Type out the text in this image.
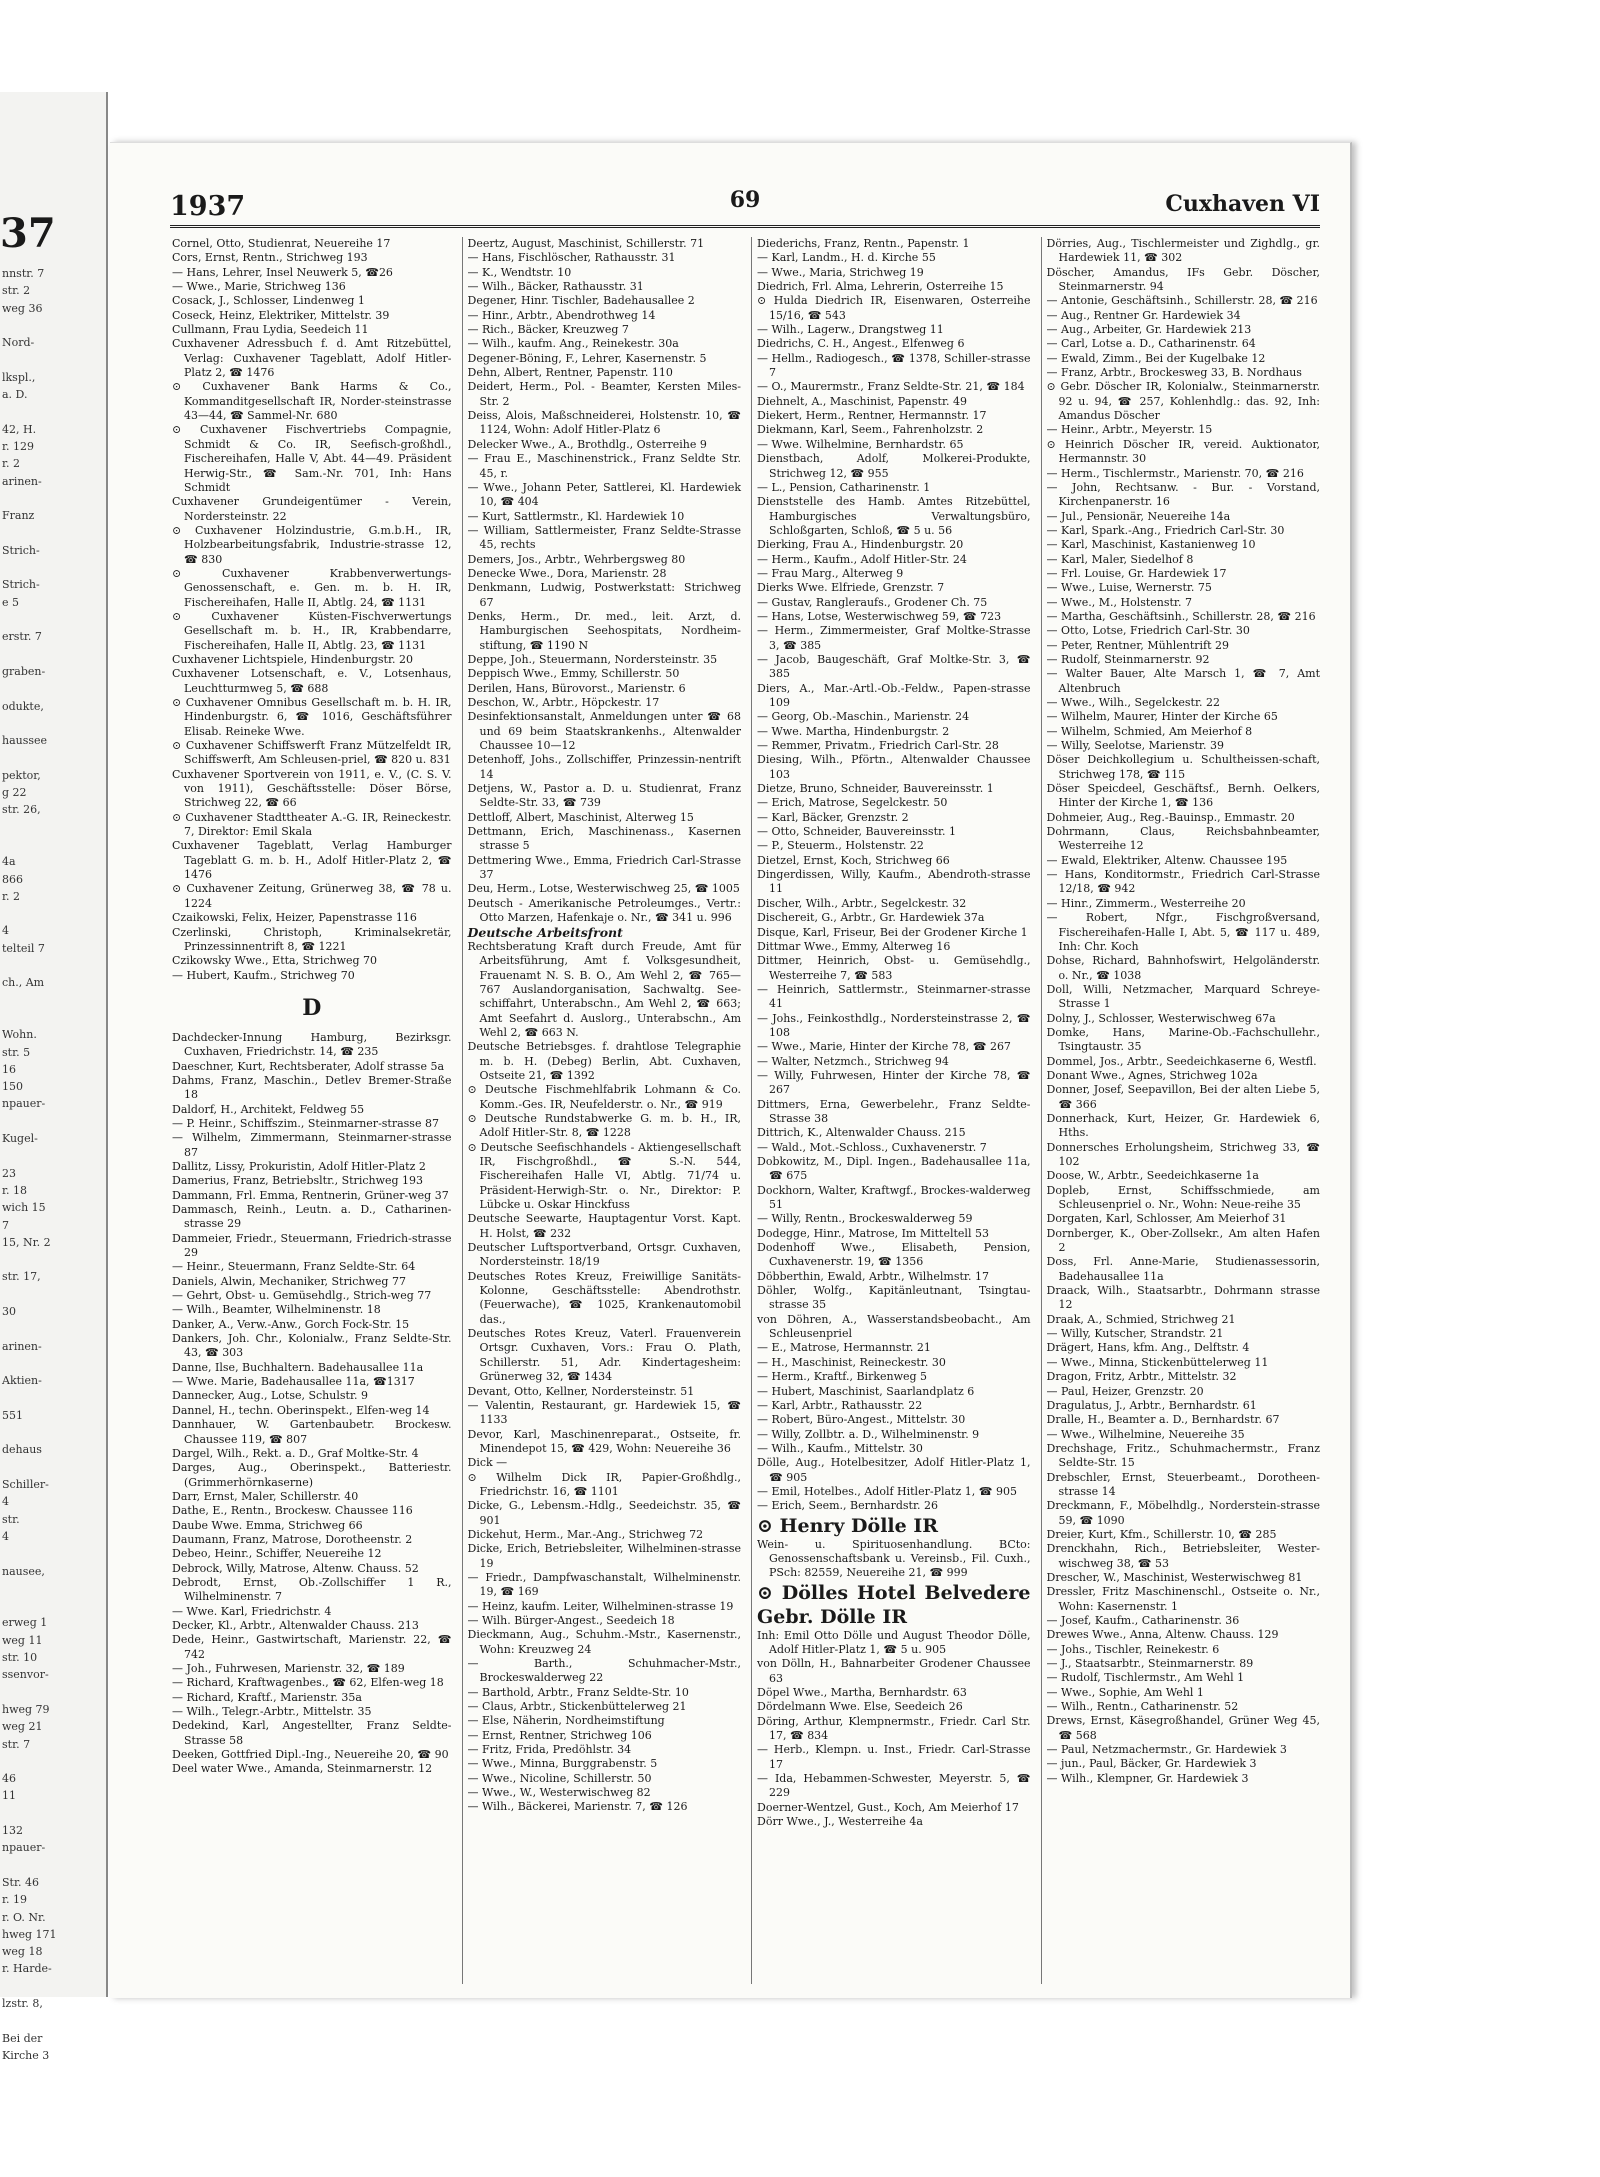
37
nnstr. 7
str. 2
weg 36
Nord-
lkspl.,
a. D.
42, H.
r. 129
r. 2
arinen-
Franz
Strich-
Strich-
e 5
erstr. 7
graben-
odukte,
haussee
pektor,
g 22
str. 26,
4a
866
r. 2
4
telteil 7
ch., Am
Wohn.
str. 5
16
150
npauer-
Kugel-
23
r. 18
wich 15
7
15, Nr. 2
str. 17,
30
arinen-
Aktien-
551
dehaus
Schiller-
4
str.
4
nausee,
erweg 1
weg 11
str. 10
ssenvor-
hweg 79
weg 21
str. 7
46
11
132
npauer-
Str. 46
r. 19
r. O. Nr.
hweg 171
weg 18
r. Harde-
lzstr. 8,
Bei der
Kirche 3
1937	69	Cuxhaven VI
Cornel, Otto, Studienrat, Neuereihe 17
Cors, Ernst, Rentn., Strichweg 193
— Hans, Lehrer, Insel Neuwerk 5, ☎26
— Wwe., Marie, Strichweg 136
Cosack, J., Schlosser, Lindenweg 1
Coseck, Heinz, Elektriker, Mittelstr. 39
Cullmann, Frau Lydia, Seedeich 11
Cuxhavener Adressbuch f. d. Amt Ritzebüttel, Verlag: Cuxhavener Tageblatt, Adolf Hitler-Platz 2, ☎ 1476
⊙ Cuxhavener Bank Harms & Co., Kommanditgesellschaft IR, Norder-steinstrasse 43—44, ☎ Sammel-Nr. 680
⊙ Cuxhavener Fischvertriebs Compagnie, Schmidt & Co. IR, Seefisch-großhdl., Fischereihafen, Halle V, Abt. 44—49. Präsident Herwig-Str., ☎ Sam.-Nr. 701, Inh: Hans Schmidt
Cuxhavener Grundeigentümer - Verein, Nordersteinstr. 22
⊙ Cuxhavener Holzindustrie, G.m.b.H., IR, Holzbearbeitungsfabrik, Industrie-strasse 12, ☎ 830
⊙ Cuxhavener Krabbenverwertungs-Genossenschaft, e. Gen. m. b. H. IR, Fischereihafen, Halle II, Abtlg. 24, ☎ 1131
⊙ Cuxhavener Küsten-Fischverwertungs Gesellschaft m. b. H., IR, Krabbendarre, Fischereihafen, Halle II, Abtlg. 23, ☎ 1131
Cuxhavener Lichtspiele, Hindenburgstr. 20
Cuxhavener Lotsenschaft, e. V., Lotsenhaus, Leuchtturmweg 5, ☎ 688
⊙ Cuxhavener Omnibus Gesellschaft m. b. H. IR, Hindenburgstr. 6, ☎ 1016, Geschäftsführer Elisab. Reineke Wwe.
⊙ Cuxhavener Schiffswerft Franz Mützelfeldt IR, Schiffswerft, Am Schleusen-priel, ☎ 820 u. 831
Cuxhavener Sportverein von 1911, e. V., (C. S. V. von 1911), Geschäftsstelle: Döser Börse, Strichweg 22, ☎ 66
⊙ Cuxhavener Stadttheater A.-G. IR, Reineckestr. 7, Direktor: Emil Skala
Cuxhavener Tageblatt, Verlag Hamburger Tageblatt G. m. b. H., Adolf Hitler-Platz 2, ☎ 1476
⊙ Cuxhavener Zeitung, Grünerweg 38, ☎ 78 u. 1224
Czaikowski, Felix, Heizer, Papenstrasse 116
Czerlinski, Christoph, Kriminalsekretär, Prinzessinnentrift 8, ☎ 1221
Czikowsky Wwe., Etta, Strichweg 70
— Hubert, Kaufm., Strichweg 70
D
Dachdecker-Innung Hamburg, Bezirksgr. Cuxhaven, Friedrichstr. 14, ☎ 235
Daeschner, Kurt, Rechtsberater, Adolf strasse 5a
Dahms, Franz, Maschin., Detlev Bremer-Straße 18
Daldorf, H., Architekt, Feldweg 55
— P. Heinr., Schiffszim., Steinmarner-strasse 87
— Wilhelm, Zimmermann, Steinmarner-strasse 87
Dallitz, Lissy, Prokuristin, Adolf Hitler-Platz 2
Damerius, Franz, Betriebsltr., Strichweg 193
Dammann, Frl. Emma, Rentnerin, Grüner-weg 37
Dammasch, Reinh., Leutn. a. D., Catharinen-strasse 29
Dammeier, Friedr., Steuermann, Friedrich-strasse 29
— Heinr., Steuermann, Franz Seldte-Str. 64
Daniels, Alwin, Mechaniker, Strichweg 77
— Gehrt, Obst- u. Gemüsehdlg., Strich-weg 77
— Wilh., Beamter, Wilhelminenstr. 18
Danker, A., Verw.-Anw., Gorch Fock-Str. 15
Dankers, Joh. Chr., Kolonialw., Franz Seldte-Str. 43, ☎ 303
Danne, Ilse, Buchhaltern. Badehausallee 11a
— Wwe. Marie, Badehausallee 11a, ☎1317
Dannecker, Aug., Lotse, Schulstr. 9
Dannel, H., techn. Oberinspekt., Elfen-weg 14
Dannhauer, W. Gartenbaubetr. Brockesw. Chaussee 119, ☎ 807
Dargel, Wilh., Rekt. a. D., Graf Moltke-Str. 4
Darges, Aug., Oberinspekt., Batteriestr. (Grimmerhörnkaserne)
Darr, Ernst, Maler, Schillerstr. 40
Dathe, E., Rentn., Brockesw. Chaussee 116
Daube Wwe. Emma, Strichweg 66
Daumann, Franz, Matrose, Dorotheenstr. 2
Debeo, Heinr., Schiffer, Neuereihe 12
Debrock, Willy, Matrose, Altenw. Chauss. 52
Debrodt, Ernst, Ob.-Zollschiffer 1 R., Wilhelminenstr. 7
— Wwe. Karl, Friedrichstr. 4
Decker, Kl., Arbtr., Altenwalder Chauss. 213
Dede, Heinr., Gastwirtschaft, Marienstr. 22, ☎ 742
— Joh., Fuhrwesen, Marienstr. 32, ☎ 189
— Richard, Kraftwagenbes., ☎ 62, Elfen-weg 18
— Richard, Kraftf., Marienstr. 35a
— Wilh., Telegr.-Arbtr., Mittelstr. 35
Dedekind, Karl, Angestellter, Franz Seldte-Strasse 58
Deeken, Gottfried Dipl.-Ing., Neuereihe 20, ☎ 90
Deel water Wwe., Amanda, Steinmarnerstr. 12
Deertz, August, Maschinist, Schillerstr. 71
— Hans, Fischlöscher, Rathausstr. 31
— K., Wendtstr. 10
— Wilh., Bäcker, Rathausstr. 31
Degener, Hinr. Tischler, Badehausallee 2
— Hinr., Arbtr., Abendrothweg 14
— Rich., Bäcker, Kreuzweg 7
— Wilh., kaufm. Ang., Reinekestr. 30a
Degener-Böning, F., Lehrer, Kasernenstr. 5
Dehn, Albert, Rentner, Papenstr. 110
Deidert, Herm., Pol. - Beamter, Kersten Miles-Str. 2
Deiss, Alois, Maßschneiderei, Holstenstr. 10, ☎ 1124, Wohn: Adolf Hitler-Platz 6
Delecker Wwe., A., Brothdlg., Osterreihe 9
— Frau E., Maschinenstrick., Franz Seldte Str. 45, r.
— Wwe., Johann Peter, Sattlerei, Kl. Hardewiek 10, ☎ 404
— Kurt, Sattlermstr., Kl. Hardewiek 10
— William, Sattlermeister, Franz Seldte-Strasse 45, rechts
Demers, Jos., Arbtr., Wehrbergsweg 80
Denecke Wwe., Dora, Marienstr. 28
Denkmann, Ludwig, Postwerkstatt: Strichweg 67
Denks, Herm., Dr. med., leit. Arzt, d. Hamburgischen Seehospitats, Nordheim-stiftung, ☎ 1190 N
Deppe, Joh., Steuermann, Nordersteinstr. 35
Deppisch Wwe., Emmy, Schillerstr. 50
Derilen, Hans, Bürovorst., Marienstr. 6
Deschon, W., Arbtr., Höpckestr. 17
Desinfektionsanstalt, Anmeldungen unter ☎ 68 und 69 beim Staatskrankenhs., Altenwalder Chaussee 10—12
Detenhoff, Johs., Zollschiffer, Prinzessin-nentrift 14
Detjens, W., Pastor a. D. u. Studienrat, Franz Seldte-Str. 33, ☎ 739
Dettloff, Albert, Maschinist, Alterweg 15
Dettmann, Erich, Maschinenass., Kasernen strasse 5
Dettmering Wwe., Emma, Friedrich Carl-Strasse 37
Deu, Herm., Lotse, Westerwischweg 25, ☎ 1005
Deutsch - Amerikanische Petroleumges., Vertr.: Otto Marzen, Hafenkaje o. Nr., ☎ 341 u. 996
Deutsche Arbeitsfront
Rechtsberatung Kraft durch Freude, Amt für Arbeitsführung, Amt f. Volksgesundheit, Frauenamt N. S. B. O., Am Wehl 2, ☎ 765—767 Auslandorganisation, Sachwaltg. See-schiffahrt, Unterabschn., Am Wehl 2, ☎ 663; Amt Seefahrt d. Auslorg., Unterabschn., Am Wehl 2, ☎ 663 N.
Deutsche Betriebsges. f. drahtlose Telegraphie m. b. H. (Debeg) Berlin, Abt. Cuxhaven, Ostseite 21, ☎ 1392
⊙ Deutsche Fischmehlfabrik Lohmann & Co. Komm.-Ges. IR, Neufelderstr. o. Nr., ☎ 919
⊙ Deutsche Rundstabwerke G. m. b. H., IR, Adolf Hitler-Str. 8, ☎ 1228
⊙ Deutsche Seefischhandels - Aktiengesellschaft IR, Fischgroßhdl., ☎ S.-N. 544, Fischereihafen Halle VI, Abtlg. 71/74 u. Präsident-Herwigh-Str. o. Nr., Direktor: P. Lübcke u. Oskar Hinckfuss
Deutsche Seewarte, Hauptagentur Vorst. Kapt. H. Holst, ☎ 232
Deutscher Luftsportverband, Ortsgr. Cuxhaven, Nordersteinstr. 18/19
Deutsches Rotes Kreuz, Freiwillige Sanitäts-Kolonne, Geschäftsstelle: Abendrothstr. (Feuerwache), ☎ 1025, Krankenautomobil das.,
Deutsches Rotes Kreuz, Vaterl. Frauenverein Ortsgr. Cuxhaven, Vors.: Frau O. Plath, Schillerstr. 51, Adr. Kindertagesheim: Grünerweg 32, ☎ 1434
Devant, Otto, Kellner, Nordersteinstr. 51
— Valentin, Restaurant, gr. Hardewiek 15, ☎ 1133
Devor, Karl, Maschinenreparat., Ostseite, fr. Minendepot 15, ☎ 429, Wohn: Neuereihe 36
Dick —
⊙ Wilhelm Dick IR, Papier-Großhdlg., Friedrichstr. 16, ☎ 1101
Dicke, G., Lebensm.-Hdlg., Seedeichstr. 35, ☎ 901
Dickehut, Herm., Mar.-Ang., Strichweg 72
Dicke, Erich, Betriebsleiter, Wilhelminen-strasse 19
— Friedr., Dampfwaschanstalt, Wilhelminenstr. 19, ☎ 169
— Heinz, kaufm. Leiter, Wilhelminen-strasse 19
— Wilh. Bürger-Angest., Seedeich 18
Dieckmann, Aug., Schuhm.-Mstr., Kasernenstr., Wohn: Kreuzweg 24
— Barth., Schuhmacher-Mstr., Brockeswalderweg 22
— Barthold, Arbtr., Franz Seldte-Str. 10
— Claus, Arbtr., Stickenbüttelerweg 21
— Else, Näherin, Nordheimstiftung
— Ernst, Rentner, Strichweg 106
— Fritz, Frida, Predöhlstr. 34
— Wwe., Minna, Burggrabenstr. 5
— Wwe., Nicoline, Schillerstr. 50
— Wwe., W., Westerwischweg 82
— Wilh., Bäckerei, Marienstr. 7, ☎ 126
Diederichs, Franz, Rentn., Papenstr. 1
— Karl, Landm., H. d. Kirche 55
— Wwe., Maria, Strichweg 19
Diedrich, Frl. Alma, Lehrerin, Osterreihe 15
⊙ Hulda Diedrich IR, Eisenwaren, Osterreihe 15/16, ☎ 543
— Wilh., Lagerw., Drangstweg 11
Diedrichs, C. H., Angest., Elfenweg 6
— Hellm., Radiogesch., ☎ 1378, Schiller-strasse 7
— O., Maurermstr., Franz Seldte-Str. 21, ☎ 184
Diehnelt, A., Maschinist, Papenstr. 49
Diekert, Herm., Rentner, Hermannstr. 17
Diekmann, Karl, Seem., Fahrenholzstr. 2
— Wwe. Wilhelmine, Bernhardstr. 65
Dienstbach, Adolf, Molkerei-Produkte, Strichweg 12, ☎ 955
— L., Pension, Catharinenstr. 1
Dienststelle des Hamb. Amtes Ritzebüttel, Hamburgisches Verwaltungsbüro, Schloßgarten, Schloß, ☎ 5 u. 56
Dierking, Frau A., Hindenburgstr. 20
— Herm., Kaufm., Adolf Hitler-Str. 24
— Frau Marg., Alterweg 9
Dierks Wwe. Elfriede, Grenzstr. 7
— Gustav, Rangleraufs., Grodener Ch. 75
— Hans, Lotse, Westerwischweg 59, ☎ 723
— Herm., Zimmermeister, Graf Moltke-Strasse 3, ☎ 385
— Jacob, Baugeschäft, Graf Moltke-Str. 3, ☎ 385
Diers, A., Mar.-Artl.-Ob.-Feldw., Papen-strasse 109
— Georg, Ob.-Maschin., Marienstr. 24
— Wwe. Martha, Hindenburgstr. 2
— Remmer, Privatm., Friedrich Carl-Str. 28
Diesing, Wilh., Pförtn., Altenwalder Chaussee 103
Dietze, Bruno, Schneider, Bauvereinsstr. 1
— Erich, Matrose, Segelckestr. 50
— Karl, Bäcker, Grenzstr. 2
— Otto, Schneider, Bauvereinsstr. 1
— P., Steuerm., Holstenstr. 22
Dietzel, Ernst, Koch, Strichweg 66
Dingerdissen, Willy, Kaufm., Abendroth-strasse 11
Discher, Wilh., Arbtr., Segelckestr. 32
Dischereit, G., Arbtr., Gr. Hardewiek 37a
Disque, Karl, Friseur, Bei der Grodener Kirche 1
Dittmar Wwe., Emmy, Alterweg 16
Dittmer, Heinrich, Obst- u. Gemüsehdlg., Westerreihe 7, ☎ 583
— Heinrich, Sattlermstr., Steinmarner-strasse 41
— Johs., Feinkosthdlg., Nordersteinstrasse 2, ☎ 108
— Wwe., Marie, Hinter der Kirche 78, ☎ 267
— Walter, Netzmch., Strichweg 94
— Willy, Fuhrwesen, Hinter der Kirche 78, ☎ 267
Dittmers, Erna, Gewerbelehr., Franz Seldte-Strasse 38
Dittrich, K., Altenwalder Chauss. 215
— Wald., Mot.-Schloss., Cuxhavenerstr. 7
Dobkowitz, M., Dipl. Ingen., Badehausallee 11a, ☎ 675
Dockhorn, Walter, Kraftwgf., Brockes-walderweg 51
— Willy, Rentn., Brockeswalderweg 59
Dodegge, Hinr., Matrose, Im Mitteltell 53
Dodenhoff Wwe., Elisabeth, Pension, Cuxhavenerstr. 19, ☎ 1356
Döbberthin, Ewald, Arbtr., Wilhelmstr. 17
Döhler, Wolfg., Kapitänleutnant, Tsingtau-strasse 35
von Döhren, A., Wasserstandsbeobacht., Am Schleusenpriel
— E., Matrose, Hermannstr. 21
— H., Maschinist, Reineckestr. 30
— Herm., Kraftf., Birkenweg 5
— Hubert, Maschinist, Saarlandplatz 6
— Karl, Arbtr., Rathausstr. 22
— Robert, Büro-Angest., Mittelstr. 30
— Willy, Zollbtr. a. D., Wilhelminenstr. 9
— Wilh., Kaufm., Mittelstr. 30
Dölle, Aug., Hotelbesitzer, Adolf Hitler-Platz 1, ☎ 905
— Emil, Hotelbes., Adolf Hitler-Platz 1, ☎ 905
— Erich, Seem., Bernhardstr. 26
⊙ Henry Dölle IR
Wein- u. Spirituosenhandlung. BCto: Genossenschaftsbank u. Vereinsb., Fil. Cuxh., PSch: 82559, Neuereihe 21, ☎ 999
⊙ Dölles Hotel Belvedere Gebr. Dölle IR
Inh: Emil Otto Dölle und August Theodor Dölle, Adolf Hitler-Platz 1, ☎ 5 u. 905
von Dölln, H., Bahnarbeiter Grodener Chaussee 63
Döpel Wwe., Martha, Bernhardstr. 63
Dördelmann Wwe. Else, Seedeich 26
Döring, Arthur, Klempnermstr., Friedr. Carl Str. 17, ☎ 834
— Herb., Klempn. u. Inst., Friedr. Carl-Strasse 17
— Ida, Hebammen-Schwester, Meyerstr. 5, ☎ 229
Doerner-Wentzel, Gust., Koch, Am Meierhof 17
Dörr Wwe., J., Westerreihe 4a
Dörries, Aug., Tischlermeister und Zighdlg., gr. Hardewiek 11, ☎ 302
Döscher, Amandus, IFs Gebr. Döscher, Steinmarnerstr. 94
— Antonie, Geschäftsinh., Schillerstr. 28, ☎ 216
— Aug., Rentner Gr. Hardewiek 34
— Aug., Arbeiter, Gr. Hardewiek 213
— Carl, Lotse a. D., Catharinenstr. 64
— Ewald, Zimm., Bei der Kugelbake 12
— Franz, Arbtr., Brockesweg 33, B. Nordhaus
⊙ Gebr. Döscher IR, Kolonialw., Steinmarnerstr. 92 u. 94, ☎ 257, Kohlenhdlg.: das. 92, Inh: Amandus Döscher
— Heinr., Arbtr., Meyerstr. 15
⊙ Heinrich Döscher IR, vereid. Auktionator, Hermannstr. 30
— Herm., Tischlermstr., Marienstr. 70, ☎ 216
— John, Rechtsanw. - Bur. - Vorstand, Kirchenpanerstr. 16
— Jul., Pensionär, Neuereihe 14a
— Karl, Spark.-Ang., Friedrich Carl-Str. 30
— Karl, Maschinist, Kastanienweg 10
— Karl, Maler, Siedelhof 8
— Frl. Louise, Gr. Hardewiek 17
— Wwe., Luise, Wernerstr. 75
— Wwe., M., Holstenstr. 7
— Martha, Geschäftsinh., Schillerstr. 28, ☎ 216
— Otto, Lotse, Friedrich Carl-Str. 30
— Peter, Rentner, Mühlentrift 29
— Rudolf, Steinmarnerstr. 92
— Walter Bauer, Alte Marsch 1, ☎ 7, Amt Altenbruch
— Wwe., Wilh., Segelckestr. 22
— Wilhelm, Maurer, Hinter der Kirche 65
— Wilhelm, Schmied, Am Meierhof 8
— Willy, Seelotse, Marienstr. 39
Döser Deichkollegium u. Schultheissen-schaft, Strichweg 178, ☎ 115
Döser Speicdeel, Geschäftsf., Bernh. Oelkers, Hinter der Kirche 1, ☎ 136
Dohmeier, Aug., Reg.-Bauinsp., Emmastr. 20
Dohrmann, Claus, Reichsbahnbeamter, Westerreihe 12
— Ewald, Elektriker, Altenw. Chaussee 195
— Hans, Konditormstr., Friedrich Carl-Strasse 12/18, ☎ 942
— Hinr., Zimmerm., Westerreihe 20
— Robert, Nfgr., Fischgroßversand, Fischereihafen-Halle I, Abt. 5, ☎ 117 u. 489, Inh: Chr. Koch
Dohse, Richard, Bahnhofswirt, Helgoländerstr. o. Nr., ☎ 1038
Doll, Willi, Netzmacher, Marquard Schreye-Strasse 1
Dolny, J., Schlosser, Westerwischweg 67a
Domke, Hans, Marine-Ob.-Fachschullehr., Tsingtaustr. 35
Dommel, Jos., Arbtr., Seedeichkaserne 6, Westfl.
Donant Wwe., Agnes, Strichweg 102a
Donner, Josef, Seepavillon, Bei der alten Liebe 5, ☎ 366
Donnerhack, Kurt, Heizer, Gr. Hardewiek 6, Hths.
Donnersches Erholungsheim, Strichweg 33, ☎ 102
Doose, W., Arbtr., Seedeichkaserne 1a
Dopleb, Ernst, Schiffsschmiede, am Schleusenpriel o. Nr., Wohn: Neue-reihe 35
Dorgaten, Karl, Schlosser, Am Meierhof 31
Dornberger, K., Ober-Zollsekr., Am alten Hafen 2
Doss, Frl. Anne-Marie, Studienassessorin, Badehausallee 11a
Draack, Wilh., Staatsarbtr., Dohrmann strasse 12
Draak, A., Schmied, Strichweg 21
— Willy, Kutscher, Strandstr. 21
Drägert, Hans, kfm. Ang., Delftstr. 4
— Wwe., Minna, Stickenbüttelerweg 11
Dragon, Fritz, Arbtr., Mittelstr. 32
— Paul, Heizer, Grenzstr. 20
Dragulatus, J., Arbtr., Bernhardstr. 61
Dralle, H., Beamter a. D., Bernhardstr. 67
— Wwe., Wilhelmine, Neuereihe 35
Drechshage, Fritz., Schuhmachermstr., Franz Seldte-Str. 15
Drebschler, Ernst, Steuerbeamt., Dorotheen-strasse 14
Dreckmann, F., Möbelhdlg., Norderstein-strasse 59, ☎ 1090
Dreier, Kurt, Kfm., Schillerstr. 10, ☎ 285
Drenckhahn, Rich., Betriebsleiter, Wester-wischweg 38, ☎ 53
Drescher, W., Maschinist, Westerwischweg 81
Dressler, Fritz Maschinenschl., Ostseite o. Nr., Wohn: Kasernenstr. 1
— Josef, Kaufm., Catharinenstr. 36
Drewes Wwe., Anna, Altenw. Chauss. 129
— Johs., Tischler, Reinekestr. 6
— J., Staatsarbtr., Steinmarnerstr. 89
— Rudolf, Tischlermstr., Am Wehl 1
— Wwe., Sophie, Am Wehl 1
— Wilh., Rentn., Catharinenstr. 52
Drews, Ernst, Käsegroßhandel, Grüner Weg 45, ☎ 568
— Paul, Netzmachermstr., Gr. Hardewiek 3
— jun., Paul, Bäcker, Gr. Hardewiek 3
— Wilh., Klempner, Gr. Hardewiek 3
